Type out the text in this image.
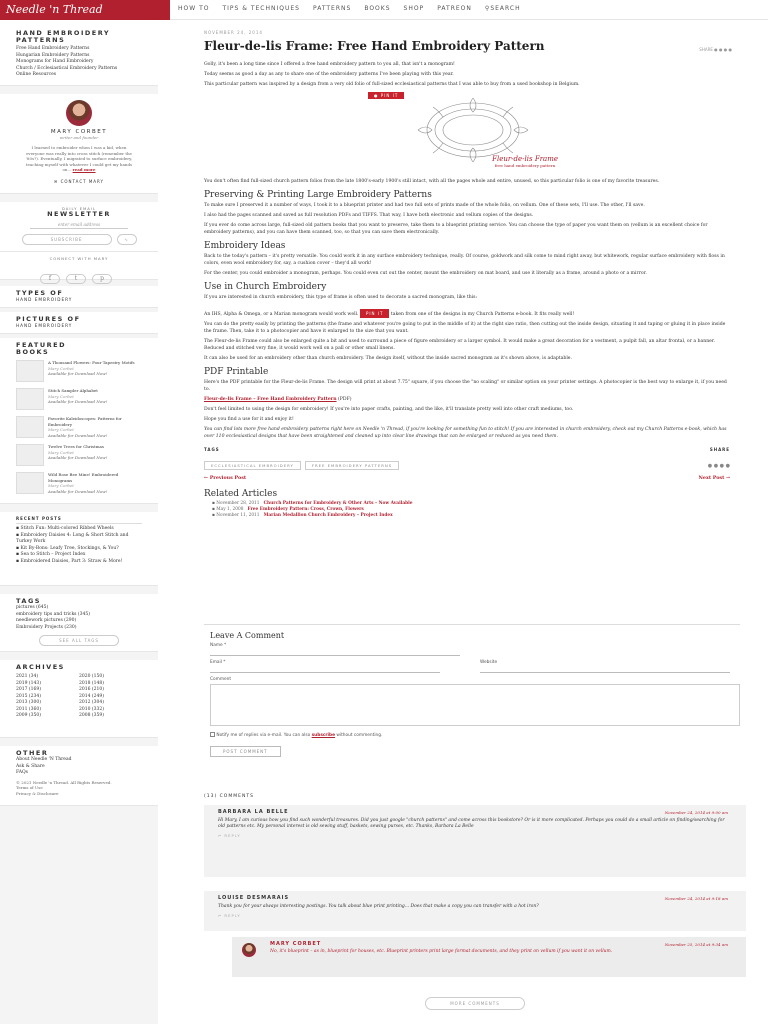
Needle 'n Thread	HOW TO TIPS & TECHNIQUES PATTERNS BOOKS SHOP PATREON ⚲SEARCH
HAND EMBROIDERY PATTERNS
Free Hand Embroidery Patterns
Hungarian Embroidery Patterns
Monograms for Hand Embroidery
Church / Ecclesiastical Embroidery Patterns
Online Resources
MARY CORBET
writer and founder
I learned to embroider when I was a kid, when everyone was really into cross stitch (remember the '80s?). Eventually, I migrated to surface embroidery, teaching myself with whatever I could get my hands on... read more
✉ CONTACT MARY
DAILY EMAIL
NEWSLETTER
enter email address
SUBSCRIBE	∿
CONNECT WITH MARY
f	t	p
TYPES OF
HAND EMBROIDERY
PICTURES OF
HAND EMBROIDERY
FEATURED
BOOKS
A Thousand Flowers: Four Tapestry Motifs
Mary Corbet
Available for Download Now!
Stitch Sampler Alphabet
Mary Corbet
Available for Download Now!
Favorite Kaleidoscopes: Patterns for Embroidery
Mary Corbet
Available for Download Now!
Twelve Trees for Christmas
Mary Corbet
Available for Download Now!
Wild Rose Bee Mine! Embroidered Monograms
Mary Corbet
Available for Download Now!
RECENT POSTS
▪ Stitch Fun: Multi-colored Ribbed Wheels
▪ Embroidery Daisies 4: Long & Short Stitch and Turkey Work
▪ Kit By-Bons: Leafy Tree, Stockings, & You?
▪ Sea to Stitch – Project Index
▪ Embroidered Daisies, Part 3: Straw & More!
TAGS
pictures (645)
embroidery tips and tricks (345)
needlework pictures (290)
Embroidery Projects (230)
SEE ALL TAGS
ARCHIVES
2021 (34)	2020 (150)
2019 (143)	2018 (148)
2017 (169)	2016 (210)
2015 (234)	2014 (249)
2013 (300)	2012 (304)
2011 (360)	2010 (332)
2009 (350)	2008 (359)
OTHER
About Needle 'N Thread
Ask & Share
FAQs
© 2021 Needle 'n Thread. All Rights Reserved.
Terms of Use
Privacy & Disclosure
NOVEMBER 24, 2014
Fleur-de-lis Frame: Free Hand Embroidery Pattern	SHARE ● ● ● ●
Golly, it's been a long time since I offered a free hand embroidery pattern to you all, that isn't a monogram!
Today seems as good a day as any to share one of the embroidery patterns I've been playing with this year.
This particular pattern was inspired by a design from a very old folio of full-sized ecclesiastical patterns that I was able to buy from a used bookshop in Belgium.
● PIN IT
Fleur-de-lis Frame
free hand embroidery pattern
You don't often find full-sized church pattern folios from the late 1800's-early 1900's still intact, with all the pages whole and entire, unused, so this particular folio is one of my favorite treasures.
Preserving & Printing Large Embroidery Patterns
To make sure I preserved it a number of ways, I took it to a blueprint printer and had two full sets of prints made of the whole folio, on vellum. One of these sets, I'll use. The other, I'll save.
I also had the pages scanned and saved as full resolution PDFs and TIFFS. That way, I have both electronic and vellum copies of the designs.
If you ever do come across large, full-sized old pattern books that you want to preserve, take them to a blueprint printing service. You can choose the type of paper you want them on (vellum is an excellent choice for embroidery patterns), and you can have them scanned, too, so that you can save them electronically.
Embroidery Ideas
Back to the today's pattern – it's pretty versatile. You could work it in any surface embroidery technique, really. Of course, goldwork and silk come to mind right away, but whitework, regular surface embroidery with floss in colors, even wool embroidery for, say, a cushion cover – they'd all work!
For the center, you could embroider a monogram, perhaps. You could even cut out the center, mount the embroidery on mat board, and use it literally as a frame, around a photo or a mirror.
Use in Church Embroidery
If you are interested in church embroidery, this type of frame is often used to decorate a sacred monogram, like this:
An IHS, Alpha & Omega, or a Marian monogram would work well. PIN IT taken from one of the designs in my Church Patterns e-book. It fits really well!
You can do the pretty easily by printing the patterns (the frame and whatever you're going to put in the middle of it) at the right size ratio, then cutting out the inside design, situating it and taping or gluing it in place inside the frame. Then, take it to a photocopier and have it enlarged to the size that you want.
The Fleur-de-lis Frame could also be enlarged quite a bit and used to surround a piece of figure embroidery or a larger symbol. It would make a great decoration for a vestment, a pulpit fall, an altar frontal, or a banner. Reduced and stitched very fine, it would work well on a pall or other small linens.
It can also be used for an embroidery other than church embroidery. The design itself, without the inside sacred monogram as it's shown above, is adaptable.
PDF Printable
Here's the PDF printable for the Fleur-de-lis Frame. The design will print at about 7.75" square, if you choose the "no scaling" or similar option on your printer settings. A photocopier is the best way to enlarge it, if you need to.
Fleur-de-lis Frame – Free Hand Embroidery Pattern (PDF)
Don't feel limited to using the design for embroidery! If you're into paper crafts, painting, and the like, it'll translate pretty well into other craft mediums, too.
Hope you find a use for it and enjoy it!
You can find lots more free hand embroidery patterns right here on Needle 'n Thread, if you're looking for something fun to stitch! If you are interested in church embroidery, check out my Church Patterns e-book, which has over 110 ecclesiastical designs that have been straightened and cleaned up into clear line drawings that can be enlarged or reduced as you need them.
TAGS
ECCLESIASTICAL EMBROIDERY	FREE EMBROIDERY PATTERNS
SHARE
● ● ● ●
← Previous Post	Next Post →
Related Articles
▪ November 28, 2011 Church Patterns for Embroidery & Other Arts – Now Available
▪ May 1, 2008 Free Embroidery Pattern: Cross, Crown, Flowers
▪ November 11, 2011 Marian Medallion Church Embroidery – Project Index
Leave A Comment
Name *
Email *	Website
Comment
Notify me of replies via e-mail. You can also subscribe without commenting.
POST COMMENT
(13) COMMENTS
BARBARA LA BELLE	November 24, 2014 at 9:00 am
Hi Mary, I am curious how you find such wonderful treasures. Did you just google "church patterns" and come across this bookstore? Or is it more complicated. Perhaps you could do a small article on finding/searching for old patterns etc. My personal interest is old sewing stuff, baskets, sewing purses, etc. Thanks, Barbara La Belle
↩ REPLY
LOUISE DESMARAIS	November 24, 2014 at 9:18 am
Thank you for your always interesting postings. You talk about blue print printing... Does that make a copy you can transfer with a hot iron?
↩ REPLY
MARY CORBET	November 25, 2014 at 9:34 am
No, it's blueprint – as in, blueprint for houses, etc. Blueprint printers print large format documents, and they print on vellum if you want it on vellum.
MORE COMMENTS
